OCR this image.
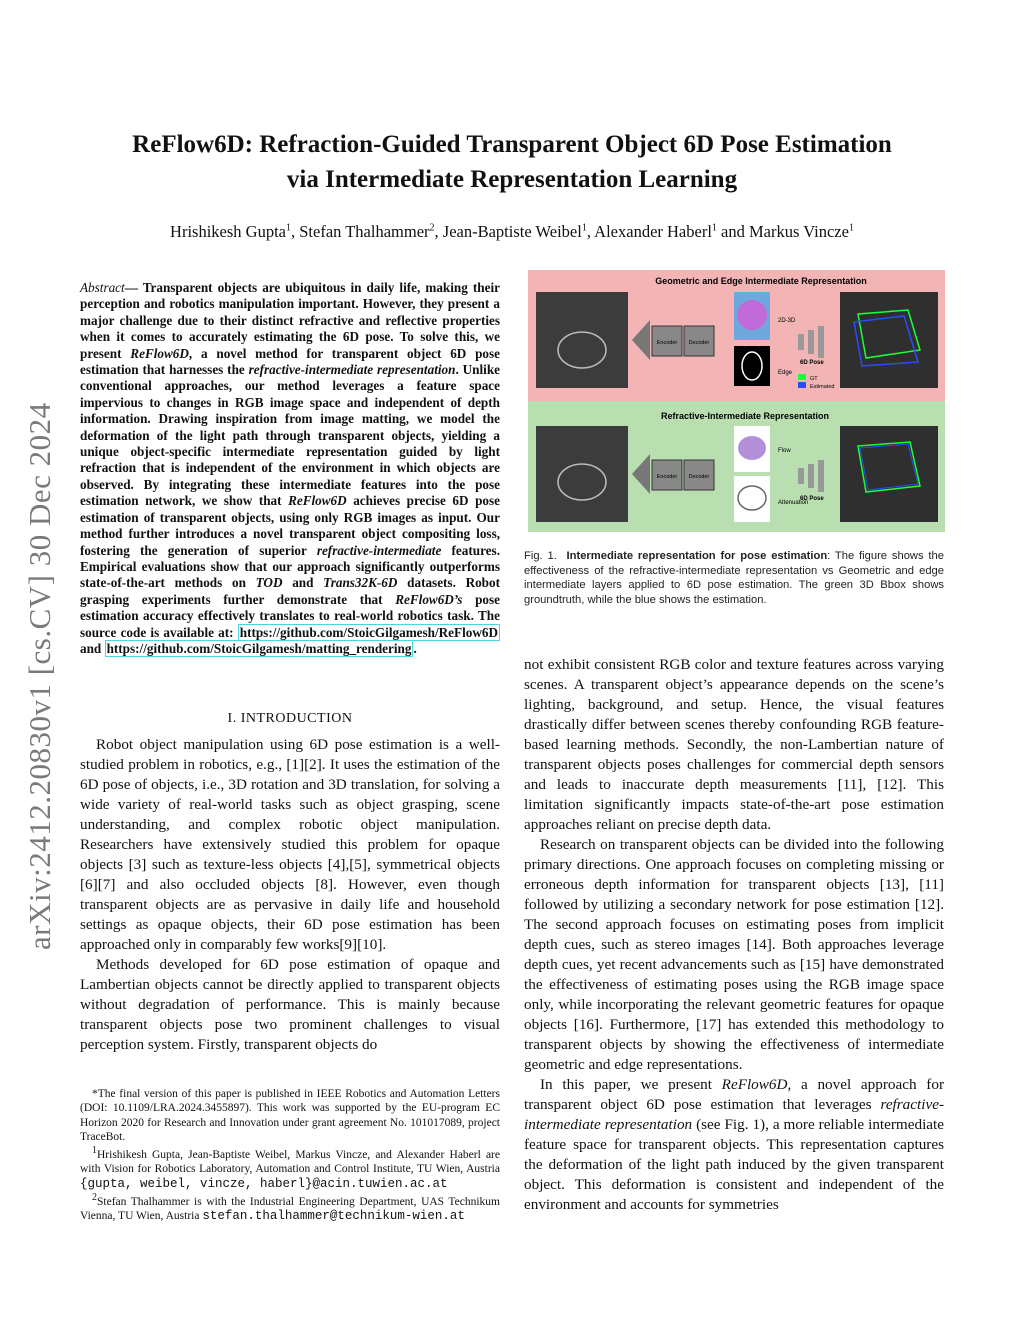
arXiv:2412.20830v1 [cs.CV] 30 Dec 2024
ReFlow6D: Refraction-Guided Transparent Object 6D Pose Estimation
via Intermediate Representation Learning
Hrishikesh Gupta$^1$, Stefan Thalhammer$^2$, Jean-Baptiste Weibel$^1$, Alexander Haberl$^1$ and Markus Vincze$^1$
Abstract— Transparent objects are ubiquitous in daily life, making their perception and robotics manipulation important. However, they present a major challenge due to their distinct refractive and reflective properties when it comes to accurately estimating the 6D pose. To solve this, we present ReFlow6D, a novel method for transparent object 6D pose estimation that harnesses the refractive-intermediate representation. Unlike conventional approaches, our method leverages a feature space impervious to changes in RGB image space and independent of depth information. Drawing inspiration from image matting, we model the deformation of the light path through transparent objects, yielding a unique object-specific intermediate representation guided by light refraction that is independent of the environment in which objects are observed. By integrating these intermediate features into the pose estimation network, we show that ReFlow6D achieves precise 6D pose estimation of transparent objects, using only RGB images as input. Our method further introduces a novel transparent object compositing loss, fostering the generation of superior refractive-intermediate features. Empirical evaluations show that our approach significantly outperforms state-of-the-art methods on TOD and Trans32K-6D datasets. Robot grasping experiments further demonstrate that ReFlow6D’s pose estimation accuracy effectively translates to real-world robotics task. The source code is available at: https://github.com/StoicGilgamesh/ReFlow6D and https://github.com/StoicGilgamesh/matting_rendering .
I. INTRODUCTION

Robot object manipulation using 6D pose estimation is a well-studied problem in robotics, e.g., [1][2]. It uses the estimation of the 6D pose of objects, i.e., 3D rotation and 3D translation, for solving a wide variety of real-world tasks such as object grasping, scene understanding, and complex robotic object manipulation. Researchers have extensively studied this problem for opaque objects [3] such as texture-less objects [4],[5], symmetrical objects [6][7] and also occluded objects [8]. However, even though transparent objects are as pervasive in daily life and household settings as opaque objects, their 6D pose estimation has been approached only in comparably few works[9][10].

Methods developed for 6D pose estimation of opaque and Lambertian objects cannot be directly applied to transparent objects without degradation of performance. This is mainly because transparent objects pose two prominent challenges to visual perception system. Firstly, transparent objects do

*The final version of this paper is published in IEEE Robotics and Automation Letters (DOI: 10.1109/LRA.2024.3455897). This work was supported by the EU-program EC Horizon 2020 for Research and Innovation under grant agreement No. 101017089, project TraceBot.

$^1$Hrishikesh Gupta, Jean-Baptiste Weibel, Markus Vincze, and Alexander Haberl are with Vision for Robotics Laboratory, Automation and Control Institute, TU Wien, Austria {gupta, weibel, vincze, haberl}@acin.tuwien.ac.at

$^2$Stefan Thalhammer is with the Industrial Engineering Department, UAS Technikum Vienna, TU Wien, Austria stefan.thalhammer@technikum-wien.at

Geometric and Edge Intermediate Representation
Refractive-Intermediate Representation
Encoder Decoder
2D-3D
Edge
6D Pose
GT
Estimated
Encoder Decoder
Flow
Attenuation
6D Pose
Fig. 1. Intermediate representation for pose estimation: The figure shows the effectiveness of the refractive-intermediate representation vs Geometric and edge intermediate layers applied to 6D pose estimation. The green 3D Bbox shows groundtruth, while the blue shows the estimation.

not exhibit consistent RGB color and texture features across varying scenes. A transparent object’s appearance depends on the scene’s lighting, background, and setup. Hence, the visual features drastically differ between scenes thereby confounding RGB feature-based learning methods. Secondly, the non-Lambertian nature of transparent objects poses challenges for commercial depth sensors and leads to inaccurate depth measurements [11], [12]. This limitation significantly impacts state-of-the-art pose estimation approaches reliant on precise depth data.

Research on transparent objects can be divided into the following primary directions. One approach focuses on completing missing or erroneous depth information for transparent objects [13], [11] followed by utilizing a secondary network for pose estimation [12]. The second approach focuses on estimating poses from implicit depth cues, such as stereo images [14]. Both approaches leverage depth cues, yet recent advancements such as [15] have demonstrated the effectiveness of estimating poses using the RGB image space only, while incorporating the relevant geometric features for opaque objects [16]. Furthermore, [17] has extended this methodology to transparent objects by showing the effectiveness of intermediate geometric and edge representations.

In this paper, we present ReFlow6D, a novel approach for transparent object 6D pose estimation that leverages refractive-intermediate representation (see Fig. 1), a more reliable intermediate feature space for transparent objects. This representation captures the deformation of the light path induced by the given transparent object. This deformation is consistent and independent of the environment and accounts for symmetries
